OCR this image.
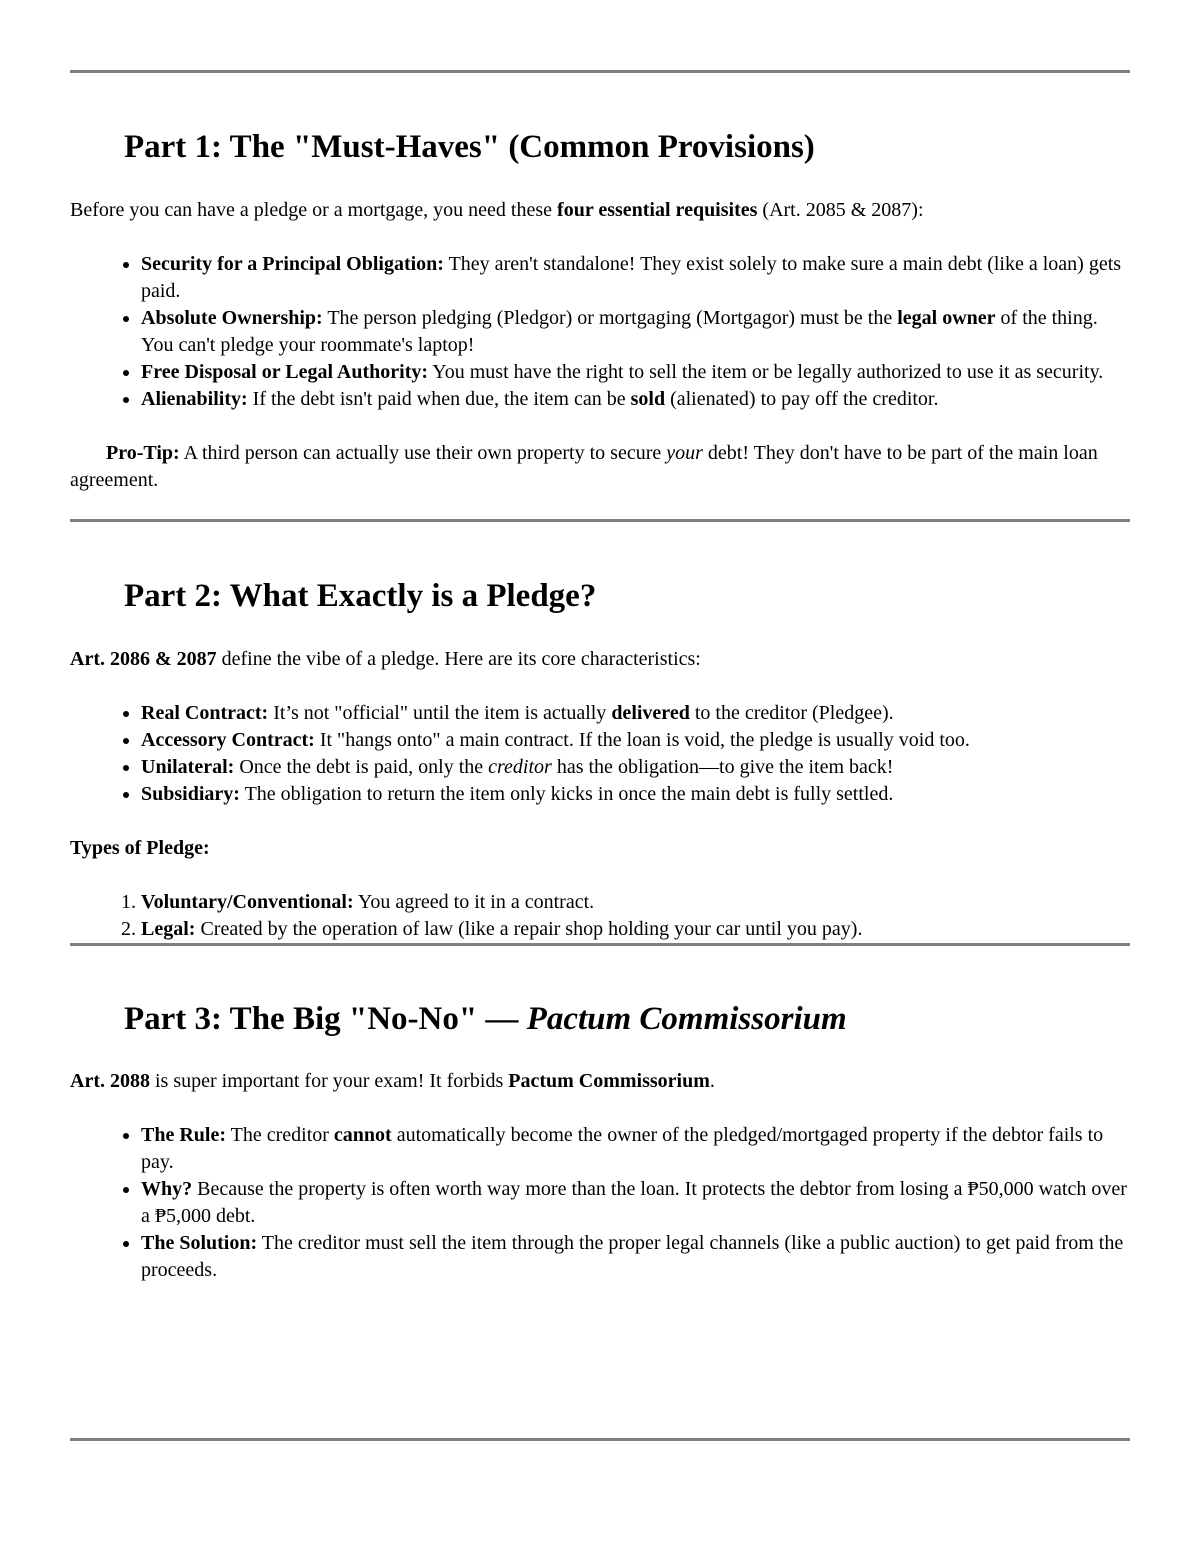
Part 1: The "Must-Haves" (Common Provisions)

Before you can have a pledge or a mortgage, you need these four essential requisites (Art. 2085 & 2087):

• Security for a Principal Obligation: They aren't standalone! They exist solely to make sure a main debt (like a loan) gets paid.
• Absolute Ownership: The person pledging (Pledgor) or mortgaging (Mortgagor) must be the legal owner of the thing. You can't pledge your roommate's laptop!
• Free Disposal or Legal Authority: You must have the right to sell the item or be legally authorized to use it as security.
• Alienability: If the debt isn't paid when due, the item can be sold (alienated) to pay off the creditor.

Pro-Tip: A third person can actually use their own property to secure your debt! They don't have to be part of the main loan agreement.

Part 2: What Exactly is a Pledge?

Art. 2086 & 2087 define the vibe of a pledge. Here are its core characteristics:

• Real Contract: It’s not "official" until the item is actually delivered to the creditor (Pledgee).
• Accessory Contract: It "hangs onto" a main contract. If the loan is void, the pledge is usually void too.
• Unilateral: Once the debt is paid, only the creditor has the obligation—to give the item back!
• Subsidiary: The obligation to return the item only kicks in once the main debt is fully settled.

Types of Pledge:

1. Voluntary/Conventional: You agreed to it in a contract.
2. Legal: Created by the operation of law (like a repair shop holding your car until you pay).
Part 3: The Big "No-No" — Pactum Commissorium

Art. 2088 is super important for your exam! It forbids Pactum Commissorium.

• The Rule: The creditor cannot automatically become the owner of the pledged/mortgaged property if the debtor fails to pay.
• Why? Because the property is often worth way more than the loan. It protects the debtor from losing a ₱50,000 watch over a ₱5,000 debt.
• The Solution: The creditor must sell the item through the proper legal channels (like a public auction) to get paid from the proceeds.
